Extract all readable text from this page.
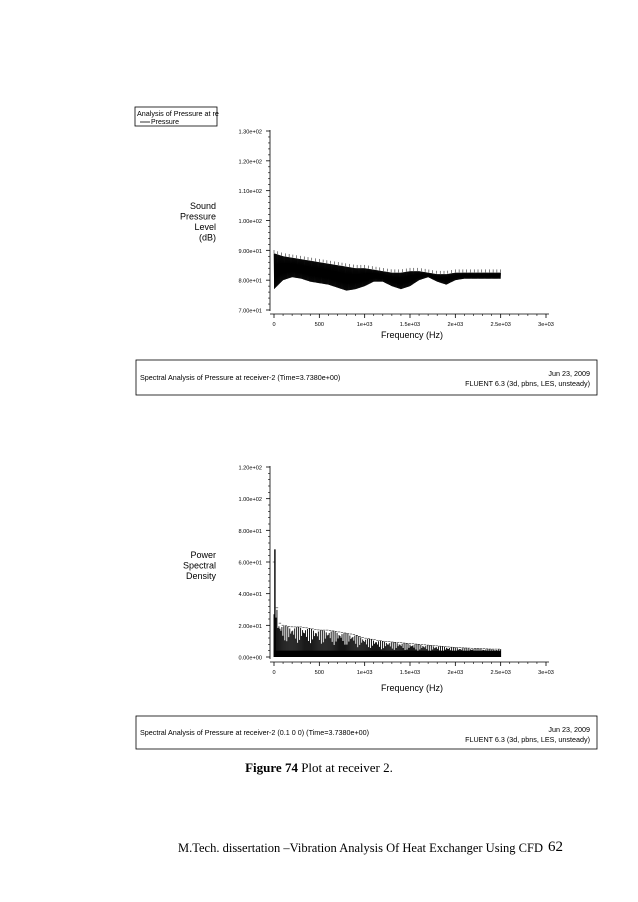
Analysis of Pressure at re
Pressure
7.00e+01
8.00e+01
9.00e+01
1.00e+02
1.10e+02
1.20e+02
1.30e+02
0	500	1e+03	1.5e+03	2e+03	2.5e+03	3e+03
Sound
Pressure
Level
(dB)
Frequency (Hz)
Spectral Analysis of Pressure at receiver-2 (Time=3.7380e+00)	Jun 23, 2009
FLUENT 6.3 (3d, pbns, LES, unsteady)
0.00e+00
2.00e+01
4.00e+01
6.00e+01
8.00e+01
1.00e+02
1.20e+02
0	500	1e+03	1.5e+03	2e+03	2.5e+03	3e+03
Power
Spectral
Density
Frequency (Hz)
Spectral Analysis of Pressure at receiver-2 (0.1 0 0) (Time=3.7380e+00)	Jun 23, 2009
FLUENT 6.3 (3d, pbns, LES, unsteady)
Figure 74 Plot at receiver 2.
M.Tech. dissertation –Vibration Analysis Of Heat Exchanger Using CFD 62
